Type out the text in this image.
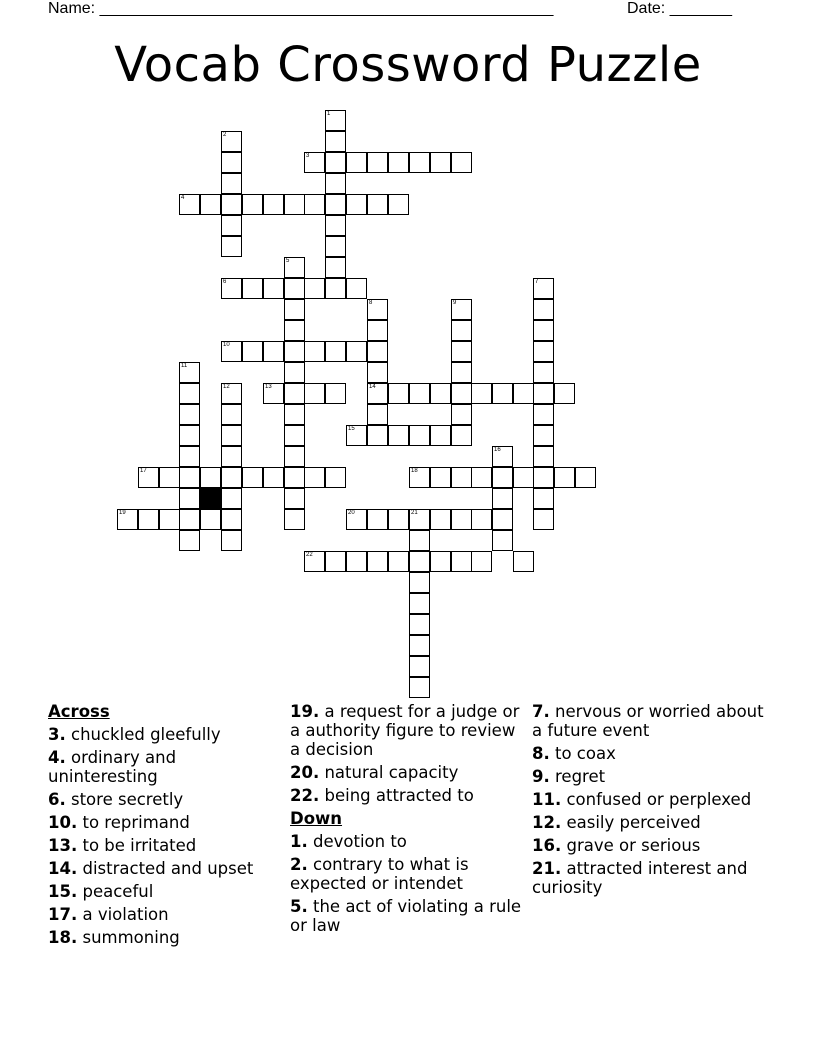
Name: ___________________________________________________	Date: _______
Vocab Crossword Puzzle
1
2
3
4
5
6	7
8	9
10
11
12	13	14
15
16
17	18
19	20	21
22
Across
3. chuckled gleefully
4. ordinary and uninteresting
6. store secretly
10. to reprimand
13. to be irritated
14. distracted and upset
15. peaceful
17. a violation
18. summoning
19. a request for a judge or a authority figure to review a decision
20. natural capacity
22. being attracted to
Down
1. devotion to
2. contrary to what is expected or intendet
5. the act of violating a rule or law
7. nervous or worried about a future event
8. to coax
9. regret
11. confused or perplexed
12. easily perceived
16. grave or serious
21. attracted interest and curiosity
